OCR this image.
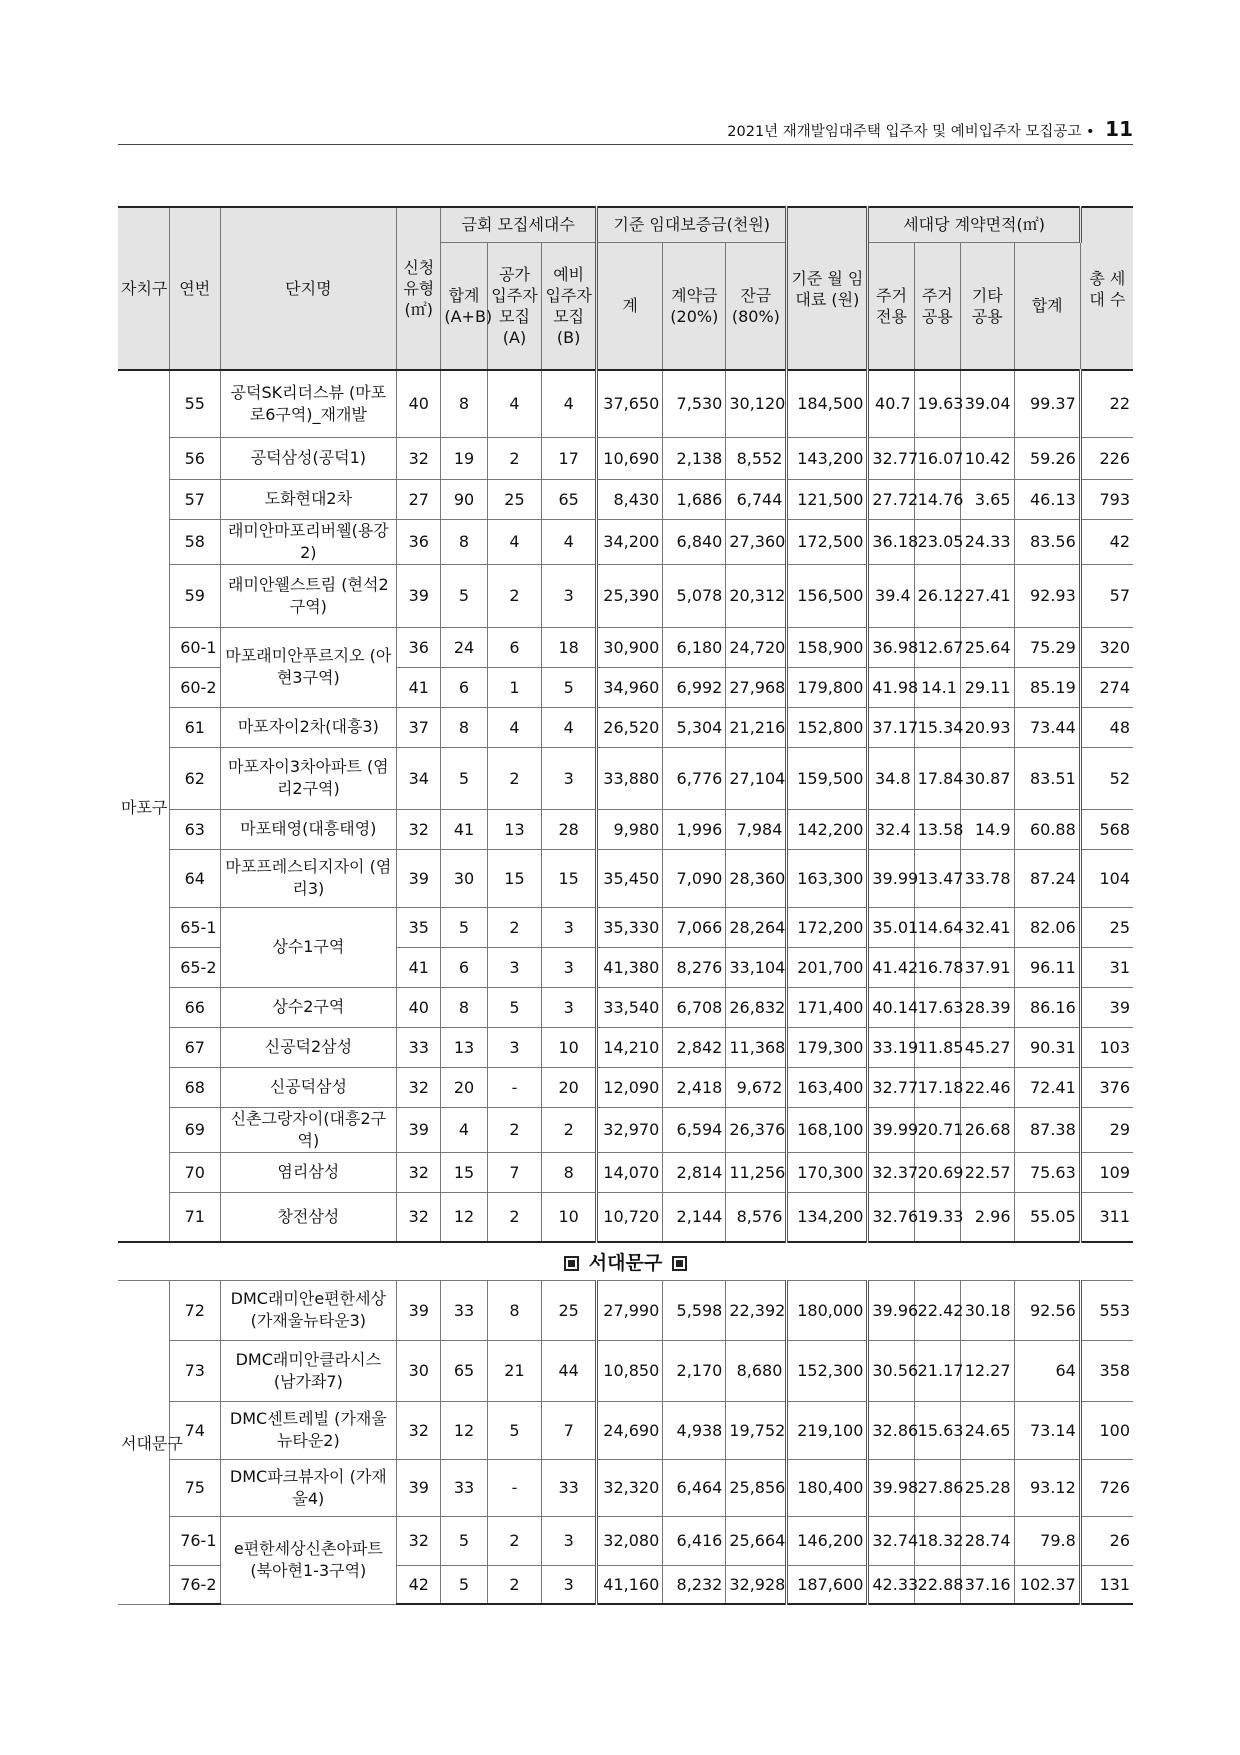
2021년 재개발임대주택 입주자 및 예비입주자 모집공고 • 11
자치구	연번	단지명	신청 유형 (㎡)	금회 모집세대수			기준 임대보증금(천원)			기준 월 임대료 (원)	세대당 계약면적(㎡)				총 세대 수
				합계 (A+B)	공가 입주자 모집 (A)	예비 입주자 모집 (B)	계	계약금 (20%)	잔금 (80%)		주거 전용	주거 공용	기타 공용	합계	
마포구	55	공덕SK리더스뷰 (마포로6구역)_재개발	40	8	4	4	37,650	7,530	30,120	184,500	40.7	19.63	39.04	99.37	22
	56	공덕삼성(공덕1)	32	19	2	17	10,690	2,138	8,552	143,200	32.77	16.07	10.42	59.26	226
	57	도화현대2차	27	90	25	65	8,430	1,686	6,744	121,500	27.72	14.76	3.65	46.13	793
	58	래미안마포리버웰(용강2)	36	8	4	4	34,200	6,840	27,360	172,500	36.18	23.05	24.33	83.56	42
	59	래미안웰스트림 (현석2구역)	39	5	2	3	25,390	5,078	20,312	156,500	39.4	26.12	27.41	92.93	57
	60-1	마포래미안푸르지오 (아현3구역)	36	24	6	18	30,900	6,180	24,720	158,900	36.98	12.67	25.64	75.29	320
	60-2		41	6	1	5	34,960	6,992	27,968	179,800	41.98	14.1	29.11	85.19	274
	61	마포자이2차(대흥3)	37	8	4	4	26,520	5,304	21,216	152,800	37.17	15.34	20.93	73.44	48
	62	마포자이3차아파트 (염리2구역)	34	5	2	3	33,880	6,776	27,104	159,500	34.8	17.84	30.87	83.51	52
	63	마포태영(대흥태영)	32	41	13	28	9,980	1,996	7,984	142,200	32.4	13.58	14.9	60.88	568
	64	마포프레스티지자이 (염리3)	39	30	15	15	35,450	7,090	28,360	163,300	39.99	13.47	33.78	87.24	104
	65-1	상수1구역	35	5	2	3	35,330	7,066	28,264	172,200	35.01	14.64	32.41	82.06	25
	65-2		41	6	3	3	41,380	8,276	33,104	201,700	41.42	16.78	37.91	96.11	31
	66	상수2구역	40	8	5	3	33,540	6,708	26,832	171,400	40.14	17.63	28.39	86.16	39
	67	신공덕2삼성	33	13	3	10	14,210	2,842	11,368	179,300	33.19	11.85	45.27	90.31	103
	68	신공덕삼성	32	20	-	20	12,090	2,418	9,672	163,400	32.77	17.18	22.46	72.41	376
	69	신촌그랑자이(대흥2구역)	39	4	2	2	32,970	6,594	26,376	168,100	39.99	20.71	26.68	87.38	29
	70	염리삼성	32	15	7	8	14,070	2,814	11,256	170,300	32.37	20.69	22.57	75.63	109
	71	창전삼성	32	12	2	10	10,720	2,144	8,576	134,200	32.76	19.33	2.96	55.05	311
서대문구															
서대문구	72	DMC래미안e편한세상 (가재울뉴타운3)	39	33	8	25	27,990	5,598	22,392	180,000	39.96	22.42	30.18	92.56	553
	73	DMC래미안클라시스 (남가좌7)	30	65	21	44	10,850	2,170	8,680	152,300	30.56	21.17	12.27	64	358
	74	DMC센트레빌 (가재울뉴타운2)	32	12	5	7	24,690	4,938	19,752	219,100	32.86	15.63	24.65	73.14	100
	75	DMC파크뷰자이 (가재울4)	39	33	-	33	32,320	6,464	25,856	180,400	39.98	27.86	25.28	93.12	726
	76-1	e편한세상신촌아파트 (북아현1-3구역)	32	5	2	3	32,080	6,416	25,664	146,200	32.74	18.32	28.74	79.8	26
	76-2		42	5	2	3	41,160	8,232	32,928	187,600	42.33	22.88	37.16	102.37	131
